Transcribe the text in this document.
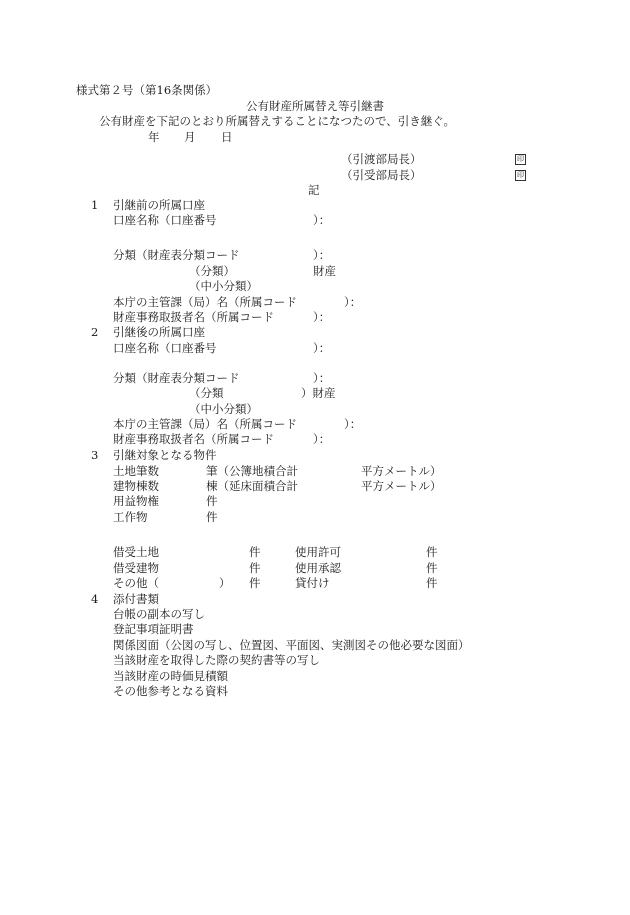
様式第２号（第16条関係）
公有財産所属替え等引継書
公有財産を下記のとおり所属替えすることになつたので、引き継ぐ。
年 月 日
（引渡部局長）	印
（引受部局長）	印
記
1 引継前の所属口座
口座名称（口座番号	）：
分類（財産表分類コード	）：
（分類）	財産
（中小分類）
本庁の主管課（局）名（所属コード	）：
財産事務取扱者名（所属コード	）：
2 引継後の所属口座
口座名称（口座番号	）：
分類（財産表分類コード	）：
（分類	）財産
（中小分類）
本庁の主管課（局）名（所属コード	）：
財産事務取扱者名（所属コード	）：
3 引継対象となる物件
土地筆数	筆（公簿地積合計	平方メートル）
建物棟数	棟（延床面積合計	平方メートル）
用益物権	件
工作物	件
借受土地	件	使用許可	件
借受建物	件	使用承認	件
その他（	） 件	貸付け	件
4 添付書類
台帳の副本の写し
登記事項証明書
関係図面（公図の写し、位置図、平面図、実測図その他必要な図面）
当該財産を取得した際の契約書等の写し
当該財産の時価見積額
その他参考となる資料
